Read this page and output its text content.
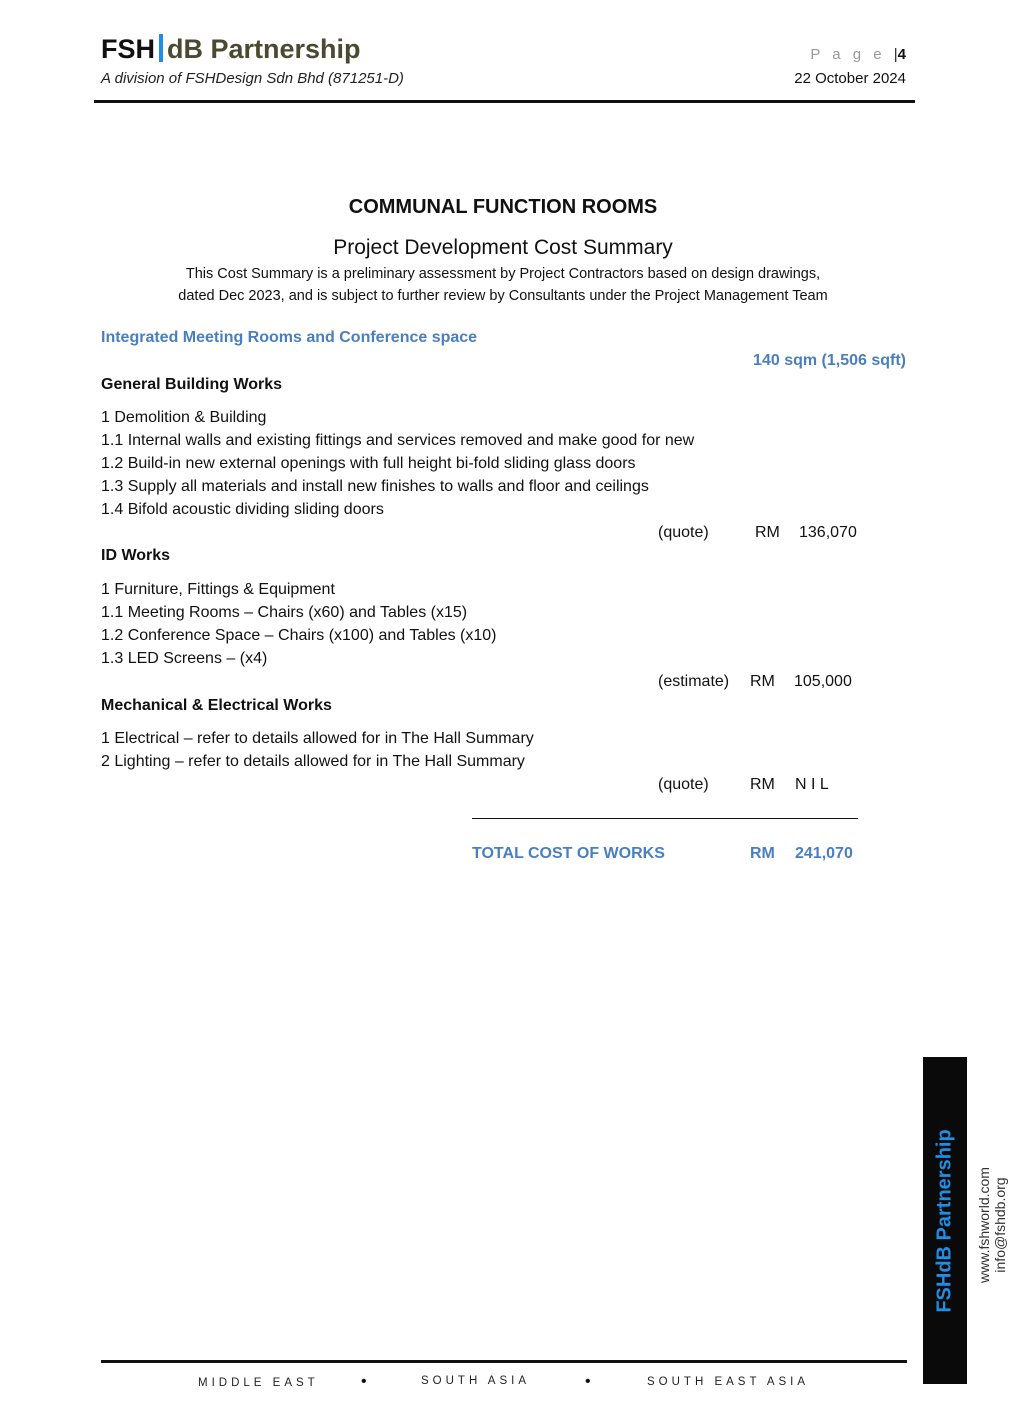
FSH dB Partnership
A division of FSHDesign Sdn Bhd (871251-D)
P a g e |4
22 October 2024
COMMUNAL FUNCTION ROOMS
Project Development Cost Summary
This Cost Summary is a preliminary assessment by Project Contractors based on design drawings,
dated Dec 2023, and is subject to further review by Consultants under the Project Management Team
Integrated Meeting Rooms and Conference space
140 sqm (1,506 sqft)
General Building Works
1 Demolition & Building
1.1 Internal walls and existing fittings and services removed and make good for new
1.2 Build-in new external openings with full height bi-fold sliding glass doors
1.3 Supply all materials and install new finishes to walls and floor and ceilings
1.4 Bifold acoustic dividing sliding doors
(quote)	RM 136,070
ID Works
1 Furniture, Fittings & Equipment
1.1 Meeting Rooms – Chairs (x60) and Tables (x15)
1.2 Conference Space – Chairs (x100) and Tables (x10)
1.3 LED Screens – (x4)
(estimate) RM 105,000
Mechanical & Electrical Works
1 Electrical – refer to details allowed for in The Hall Summary
2 Lighting – refer to details allowed for in The Hall Summary
(quote)	RM N I L
TOTAL COST OF WORKS	RM 241,070
FSHdB Partnership www.fshworld.com info@fshdb.org
MIDDLE EAST	•	SOUTH ASIA	•	SOUTH EAST ASIA
